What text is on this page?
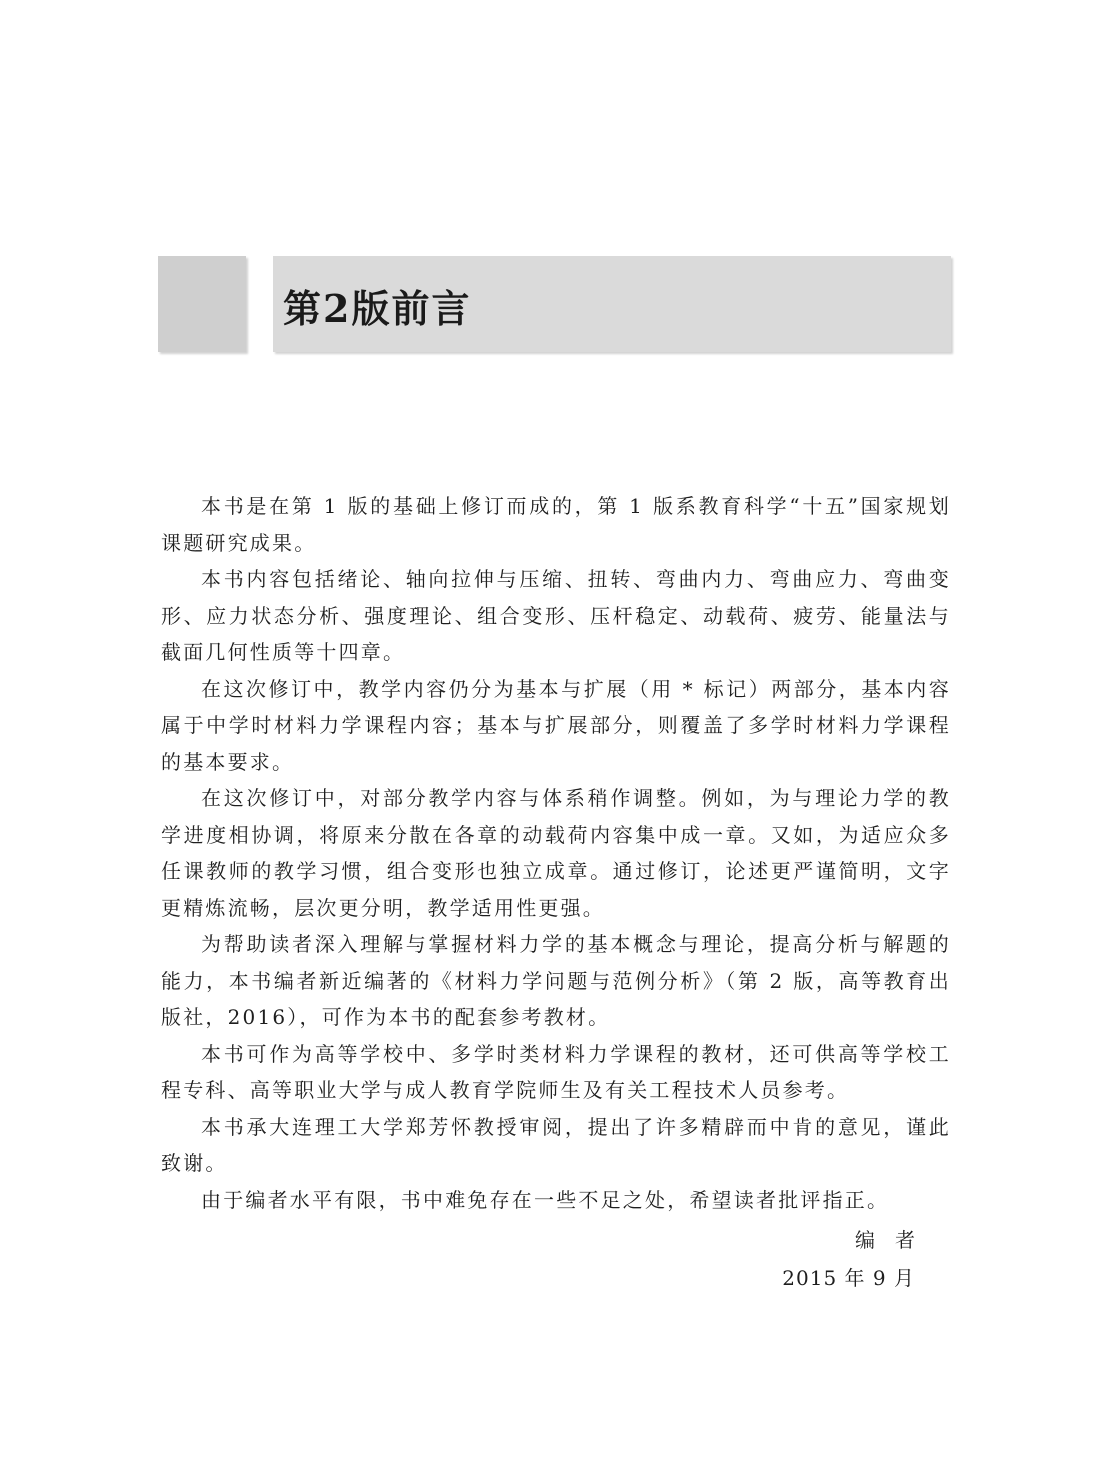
第2版前言

本书是在第 1 版的基础上修订而成的，第 1 版系教育科学“十五”国家规划课题研究成果。

本书内容包括绪论、轴向拉伸与压缩、扭转、弯曲内力、弯曲应力、弯曲变形、应力状态分析、强度理论、组合变形、压杆稳定、动载荷、疲劳、能量法与截面几何性质等十四章。

在这次修订中，教学内容仍分为基本与扩展（用 * 标记）两部分，基本内容属于中学时材料力学课程内容；基本与扩展部分，则覆盖了多学时材料力学课程的基本要求。

在这次修订中，对部分教学内容与体系稍作调整。例如，为与理论力学的教学进度相协调，将原来分散在各章的动载荷内容集中成一章。又如，为适应众多任课教师的教学习惯，组合变形也独立成章。通过修订，论述更严谨简明，文字更精炼流畅，层次更分明，教学适用性更强。

为帮助读者深入理解与掌握材料力学的基本概念与理论，提高分析与解题的能力，本书编者新近编著的《材料力学问题与范例分析》（第 2 版，高等教育出版社，2016），可作为本书的配套参考教材。

本书可作为高等学校中、多学时类材料力学课程的教材，还可供高等学校工程专科、高等职业大学与成人教育学院师生及有关工程技术人员参考。

本书承大连理工大学郑芳怀教授审阅，提出了许多精辟而中肯的意见，谨此致谢。

由于编者水平有限，书中难免存在一些不足之处，希望读者批评指正。

编者
2015 年 9 月
